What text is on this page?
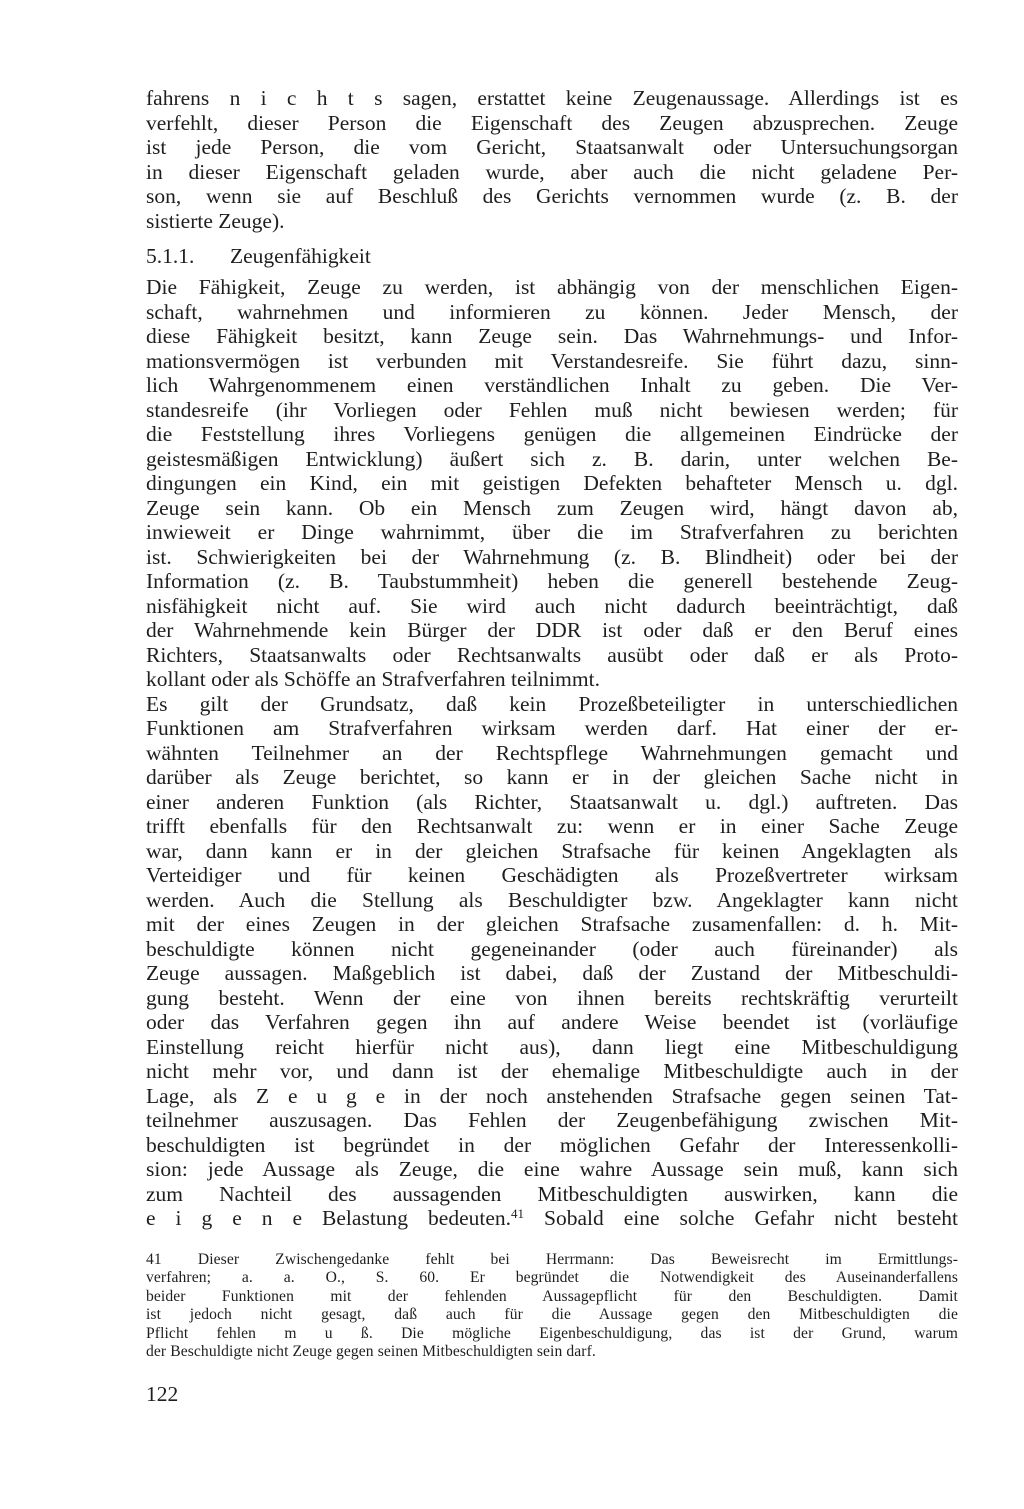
fahrens n i c h t s sagen, erstattet keine Zeugenaussage. Allerdings ist es
verfehlt, dieser Person die Eigenschaft des Zeugen abzusprechen. Zeuge
ist jede Person, die vom Gericht, Staatsanwalt oder Untersuchungsorgan
in dieser Eigenschaft geladen wurde, aber auch die nicht geladene Per-
son, wenn sie auf Beschluß des Gerichts vernommen wurde (z. B. der
sistierte Zeuge).
5.1.1. Zeugenfähigkeit
Die Fähigkeit, Zeuge zu werden, ist abhängig von der menschlichen Eigen-
schaft, wahrnehmen und informieren zu können. Jeder Mensch, der
diese Fähigkeit besitzt, kann Zeuge sein. Das Wahrnehmungs- und Infor-
mationsvermögen ist verbunden mit Verstandesreife. Sie führt dazu, sinn-
lich Wahrgenommenem einen verständlichen Inhalt zu geben. Die Ver-
standesreife (ihr Vorliegen oder Fehlen muß nicht bewiesen werden; für
die Feststellung ihres Vorliegens genügen die allgemeinen Eindrücke der
geistesmäßigen Entwicklung) äußert sich z. B. darin, unter welchen Be-
dingungen ein Kind, ein mit geistigen Defekten behafteter Mensch u. dgl.
Zeuge sein kann. Ob ein Mensch zum Zeugen wird, hängt davon ab,
inwieweit er Dinge wahrnimmt, über die im Strafverfahren zu berichten
ist. Schwierigkeiten bei der Wahrnehmung (z. B. Blindheit) oder bei der
Information (z. B. Taubstummheit) heben die generell bestehende Zeug-
nisfähigkeit nicht auf. Sie wird auch nicht dadurch beeinträchtigt, daß
der Wahrnehmende kein Bürger der DDR ist oder daß er den Beruf eines
Richters, Staatsanwalts oder Rechtsanwalts ausübt oder daß er als Proto-
kollant oder als Schöffe an Strafverfahren teilnimmt.
Es gilt der Grundsatz, daß kein Prozeßbeteiligter in unterschiedlichen
Funktionen am Strafverfahren wirksam werden darf. Hat einer der er-
wähnten Teilnehmer an der Rechtspflege Wahrnehmungen gemacht und
darüber als Zeuge berichtet, so kann er in der gleichen Sache nicht in
einer anderen Funktion (als Richter, Staatsanwalt u. dgl.) auftreten. Das
trifft ebenfalls für den Rechtsanwalt zu: wenn er in einer Sache Zeuge
war, dann kann er in der gleichen Strafsache für keinen Angeklagten als
Verteidiger und für keinen Geschädigten als Prozeßvertreter wirksam
werden. Auch die Stellung als Beschuldigter bzw. Angeklagter kann nicht
mit der eines Zeugen in der gleichen Strafsache zusamenfallen: d. h. Mit-
beschuldigte können nicht gegeneinander (oder auch füreinander) als
Zeuge aussagen. Maßgeblich ist dabei, daß der Zustand der Mitbeschuldi-
gung besteht. Wenn der eine von ihnen bereits rechtskräftig verurteilt
oder das Verfahren gegen ihn auf andere Weise beendet ist (vorläufige
Einstellung reicht hierfür nicht aus), dann liegt eine Mitbeschuldigung
nicht mehr vor, und dann ist der ehemalige Mitbeschuldigte auch in der
Lage, als Z e u g e in der noch anstehenden Strafsache gegen seinen Tat-
teilnehmer auszusagen. Das Fehlen der Zeugenbefähigung zwischen Mit-
beschuldigten ist begründet in der möglichen Gefahr der Interessenkolli-
sion: jede Aussage als Zeuge, die eine wahre Aussage sein muß, kann sich
zum Nachteil des aussagenden Mitbeschuldigten auswirken, kann die
e i g e n e Belastung bedeuten.$^{41}$ Sobald eine solche Gefahr nicht besteht
41 Dieser Zwischengedanke fehlt bei Herrmann: Das Beweisrecht im Ermittlungs-
verfahren; a. a. O., S. 60. Er begründet die Notwendigkeit des Auseinanderfallens
beider Funktionen mit der fehlenden Aussagepflicht für den Beschuldigten. Damit
ist jedoch nicht gesagt, daß auch für die Aussage gegen den Mitbeschuldigten die
Pflicht fehlen m u ß. Die mögliche Eigenbeschuldigung, das ist der Grund, warum
der Beschuldigte nicht Zeuge gegen seinen Mitbeschuldigten sein darf.
122
